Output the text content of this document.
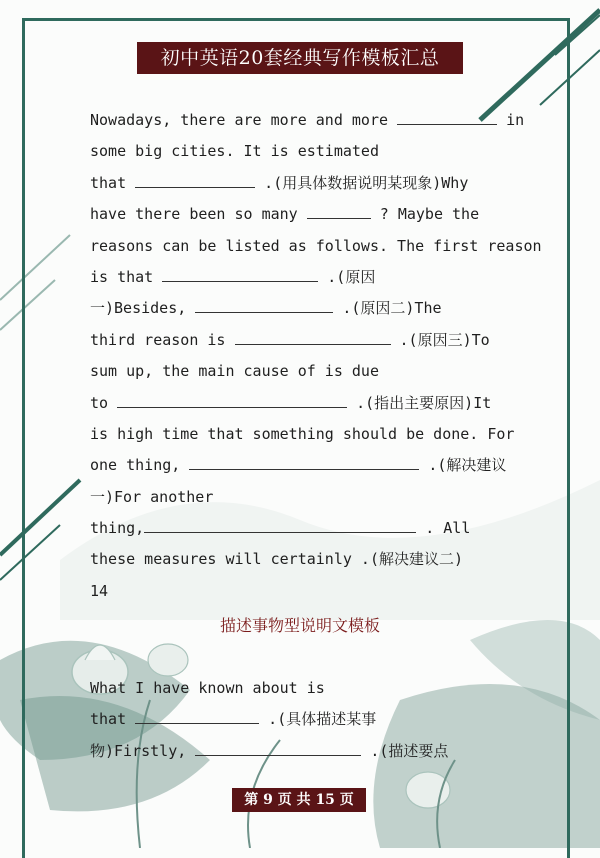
初中英语20套经典写作模板汇总
Nowadays, there are more and more	in
some big cities. It is estimated
that	.(用具体数据说明某现象)Why
have there been so many	? Maybe the
reasons can be listed as follows. The first reason
is that	.(原因
一)Besides,	.(原因二)The
third reason is	.(原因三)To
sum up, the main cause of is due
to	.(指出主要原因)It
is high time that something should be done. For
one thing,	.(解决建议
一)For another
thing,	. All
these measures will certainly .(解决建议二)
14
描述事物型说明文模板
What I have known about is
that	.(具体描述某事
物)Firstly,	.(描述要点
第 9 页 共 15 页
